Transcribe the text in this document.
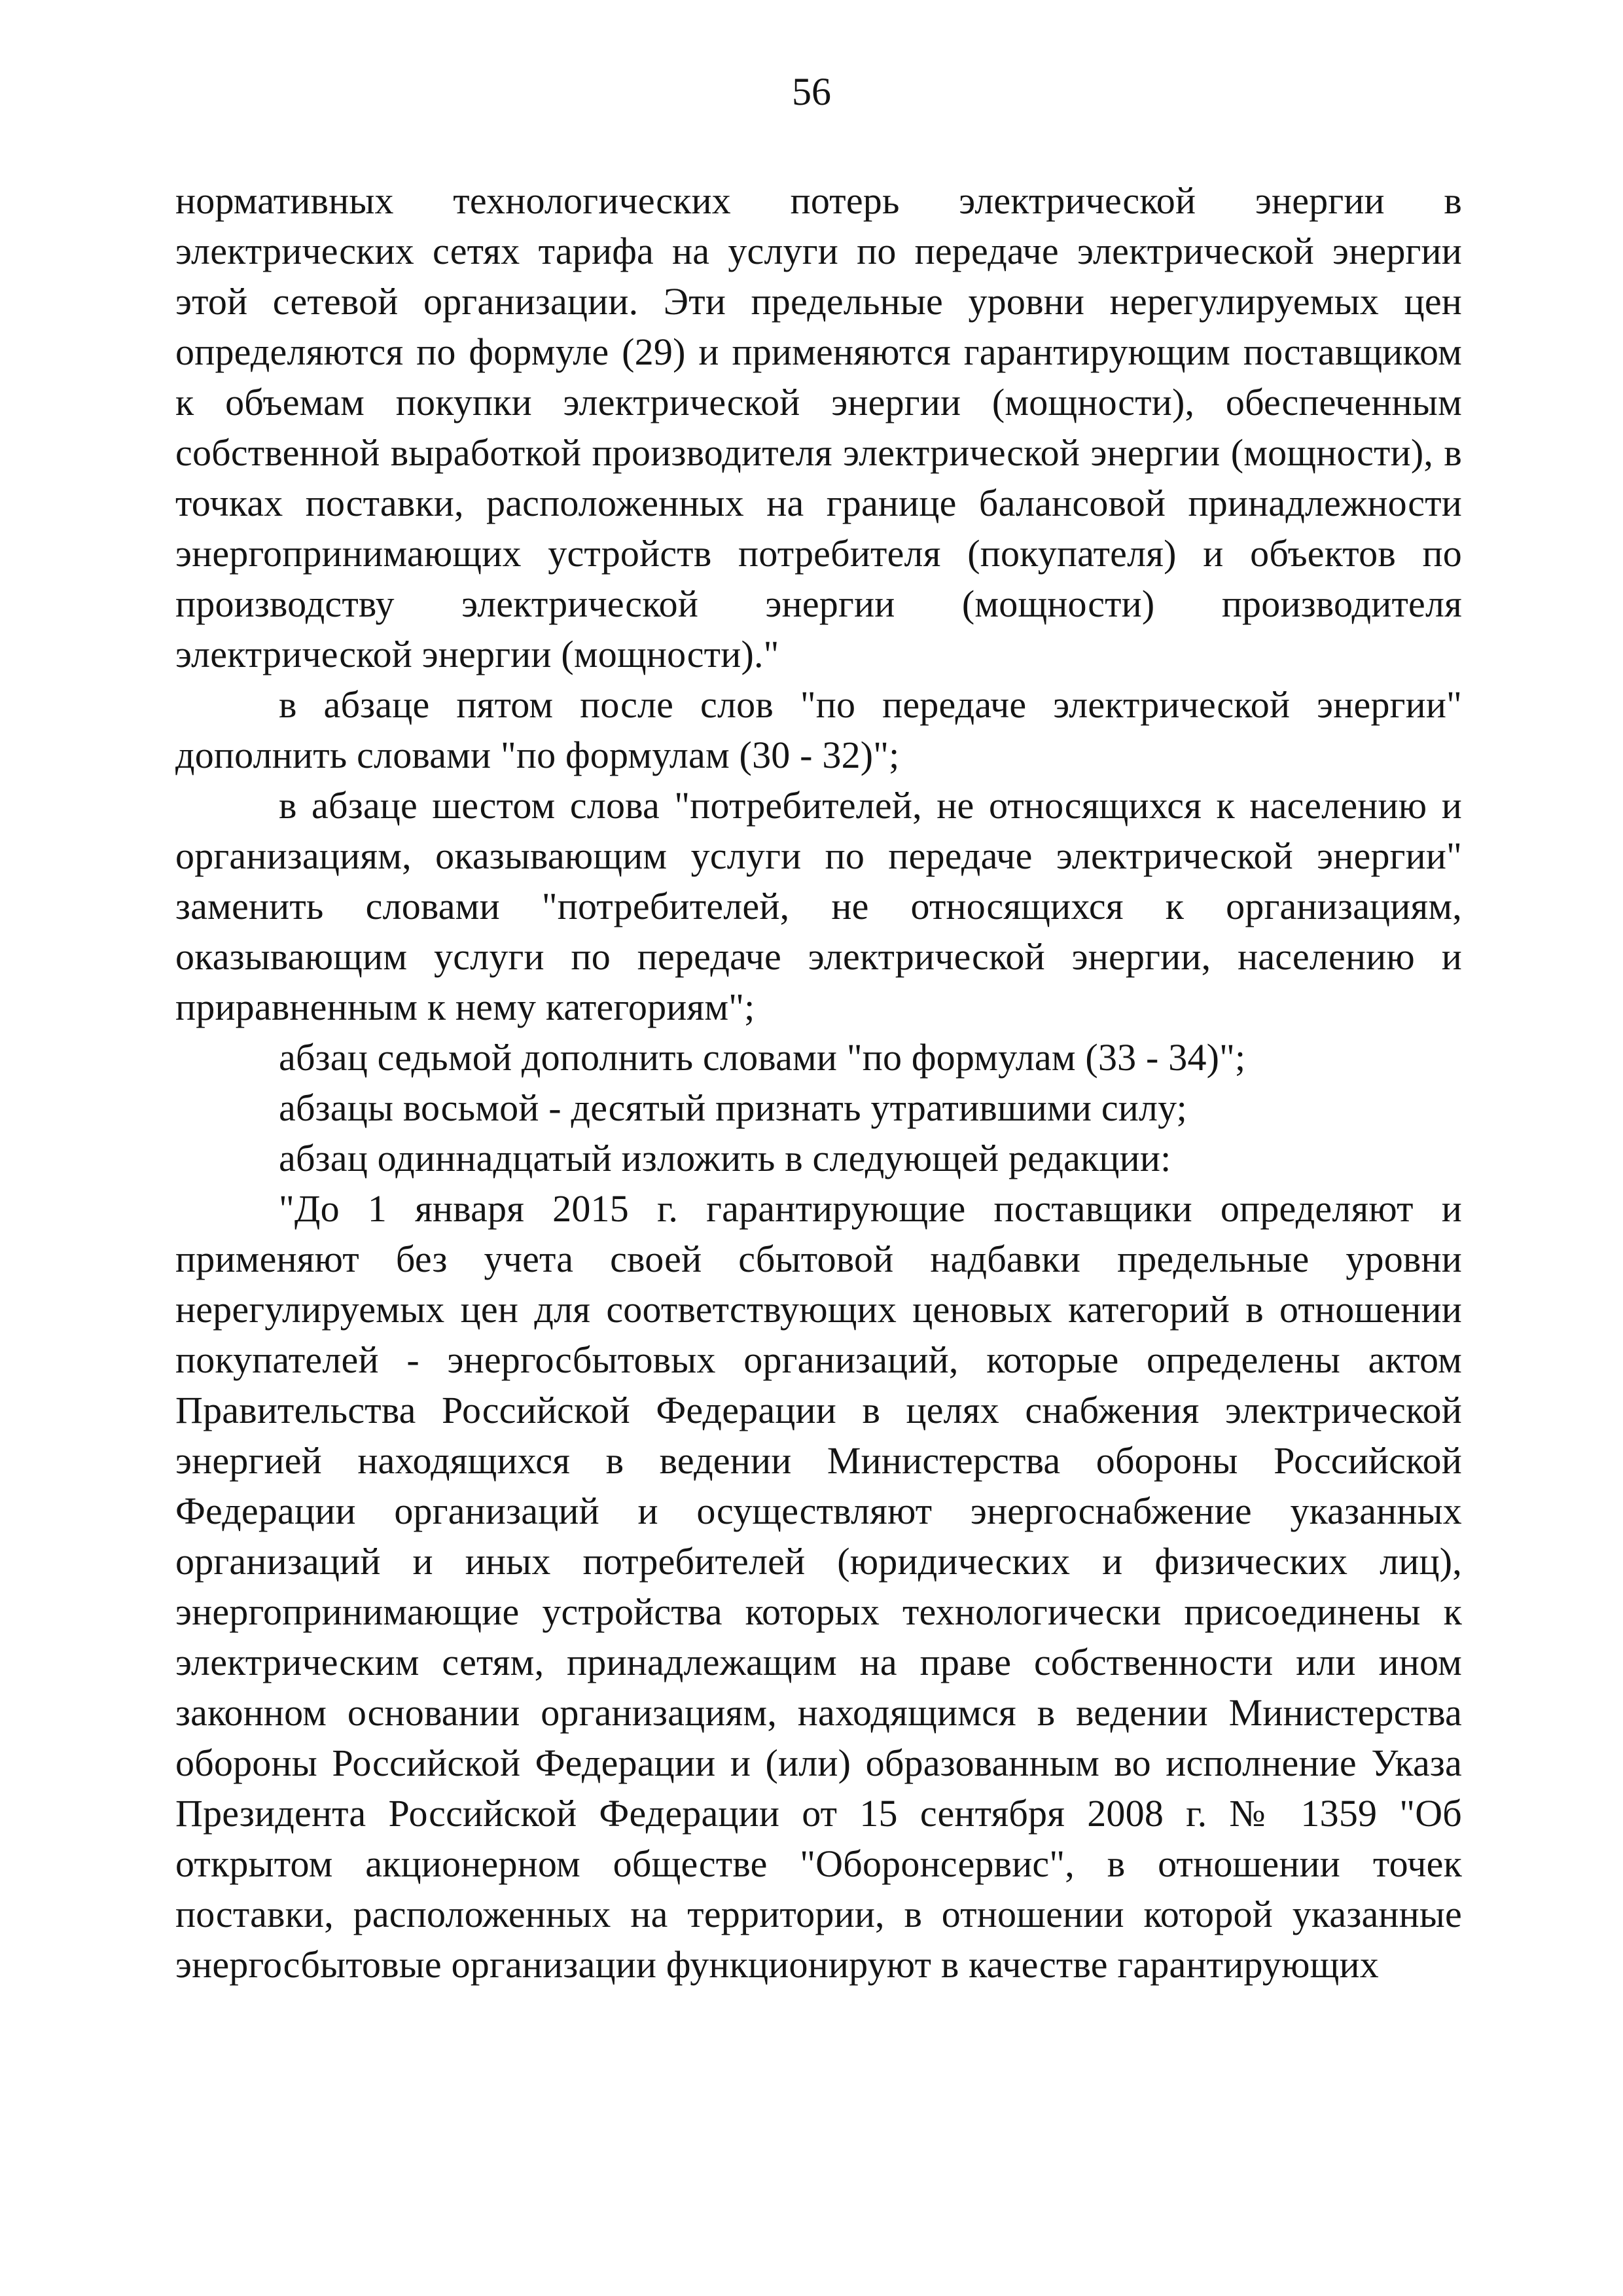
56

нормативных технологических потерь электрической энергии в электрических сетях тарифа на услуги по передаче электрической энергии этой сетевой организации. Эти предельные уровни нерегулируемых цен определяются по формуле (29) и применяются гарантирующим поставщиком к объемам покупки электрической энергии (мощности), обеспеченным собственной выработкой производителя электрической энергии (мощности), в точках поставки, расположенных на границе балансовой принадлежности энергопринимающих устройств потребителя (покупателя) и объектов по производству электрической энергии (мощности) производителя электрической энергии (мощности)."

в абзаце пятом после слов "по передаче электрической энергии" дополнить словами "по формулам (30 - 32)";

в абзаце шестом слова "потребителей, не относящихся к населению и организациям, оказывающим услуги по передаче электрической энергии" заменить словами "потребителей, не относящихся к организациям, оказывающим услуги по передаче электрической энергии, населению и приравненным к нему категориям";

абзац седьмой дополнить словами "по формулам (33 - 34)";

абзацы восьмой - десятый признать утратившими силу;

абзац одиннадцатый изложить в следующей редакции:

"До 1 января 2015 г. гарантирующие поставщики определяют и применяют без учета своей сбытовой надбавки предельные уровни нерегулируемых цен для соответствующих ценовых категорий в отношении покупателей - энергосбытовых организаций, которые определены актом Правительства Российской Федерации в целях снабжения электрической энергией находящихся в ведении Министерства обороны Российской Федерации организаций и осуществляют энергоснабжение указанных организаций и иных потребителей (юридических и физических лиц), энергопринимающие устройства которых технологически присоединены к электрическим сетям, принадлежащим на праве собственности или ином законном основании организациям, находящимся в ведении Министерства обороны Российской Федерации и (или) образованным во исполнение Указа Президента Российской Федерации от 15 сентября 2008 г. № 1359 "Об открытом акционерном обществе "Оборонсервис", в отношении точек поставки, расположенных на территории, в отношении которой указанные энергосбытовые организации функционируют в качестве гарантирующих
